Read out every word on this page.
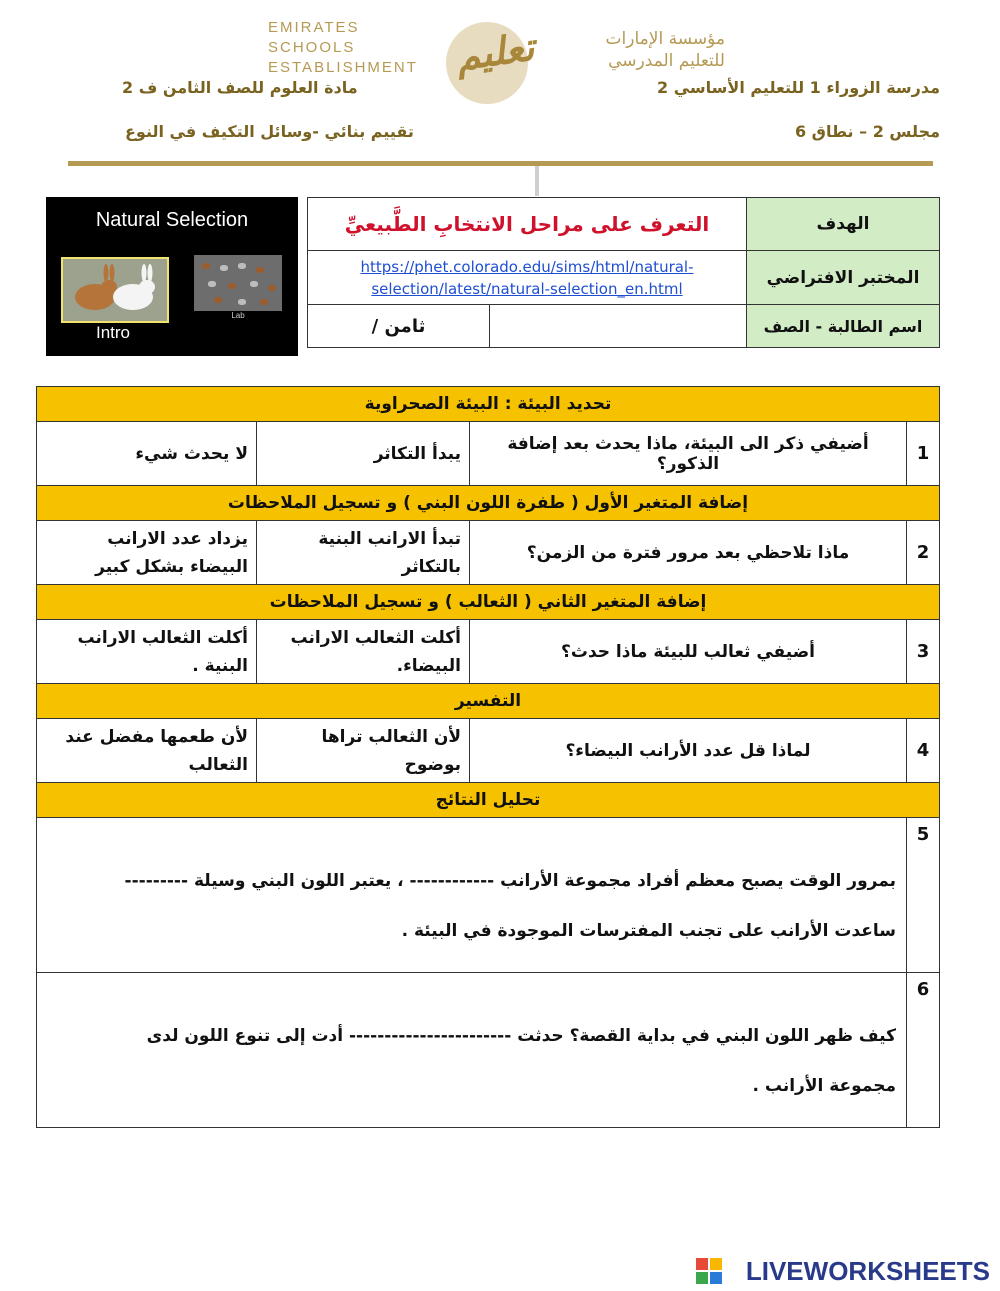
EMIRATES SCHOOLS
ESTABLISHMENT تعليم	مؤسسة الإمارات
للتعليم المدرسي
مدرسة الزوراء 1 للتعليم الأساسي 2
مادة العلوم للصف الثامن ف 2
مجلس 2 – نطاق 6
تقييم بنائي -وسائل التكيف في النوع
Natural Selection
Intro
Lab
الهدف	التعرف على مراحل الانتخابِ الطَّبيعيِّ	
المختبر الافتراضي	https://phet.colorado.edu/sims/html/natural-
selection/latest/natural-selection_en.html	
اسم الطالبة - الصف		ثامن /
تحديد البيئة : البيئة الصحراوية			
1	أضيفي ذكر الى البيئة، ماذا يحدث بعد إضافة الذكور؟	يبدأ التكاثر	لا يحدث شيء
إضافة المتغير الأول ( طفرة اللون البني ) و تسجيل الملاحظات			
2	ماذا تلاحظي بعد مرور فترة من الزمن؟	تبدأ الارانب البنية بالتكاثر	يزداد عدد الارانب البيضاء بشكل كبير
إضافة المتغير الثاني ( الثعالب ) و تسجيل الملاحظات			
3	أضيفي ثعالب للبيئة ماذا حدث؟	أكلت الثعالب الارانب البيضاء.	أكلت الثعالب الارانب البنية .
التفسير			
4	لماذا قل عدد الأرانب البيضاء؟	لأن الثعالب تراها بوضوح	لأن طعمها مفضل عند الثعالب
تحليل النتائج			
5	بمرور الوقت يصبح معظم أفراد مجموعة الأرانب ------------ ، يعتبر اللون البني وسيلة ---------
ساعدت الأرانب على تجنب المفترسات الموجودة في البيئة .		

6	كيف ظهر اللون البني في بداية القصة؟ حدثت ----------------------- أدت إلى تنوع اللون لدى
مجموعة الأرانب .		
LIVEWORKSHEETS
